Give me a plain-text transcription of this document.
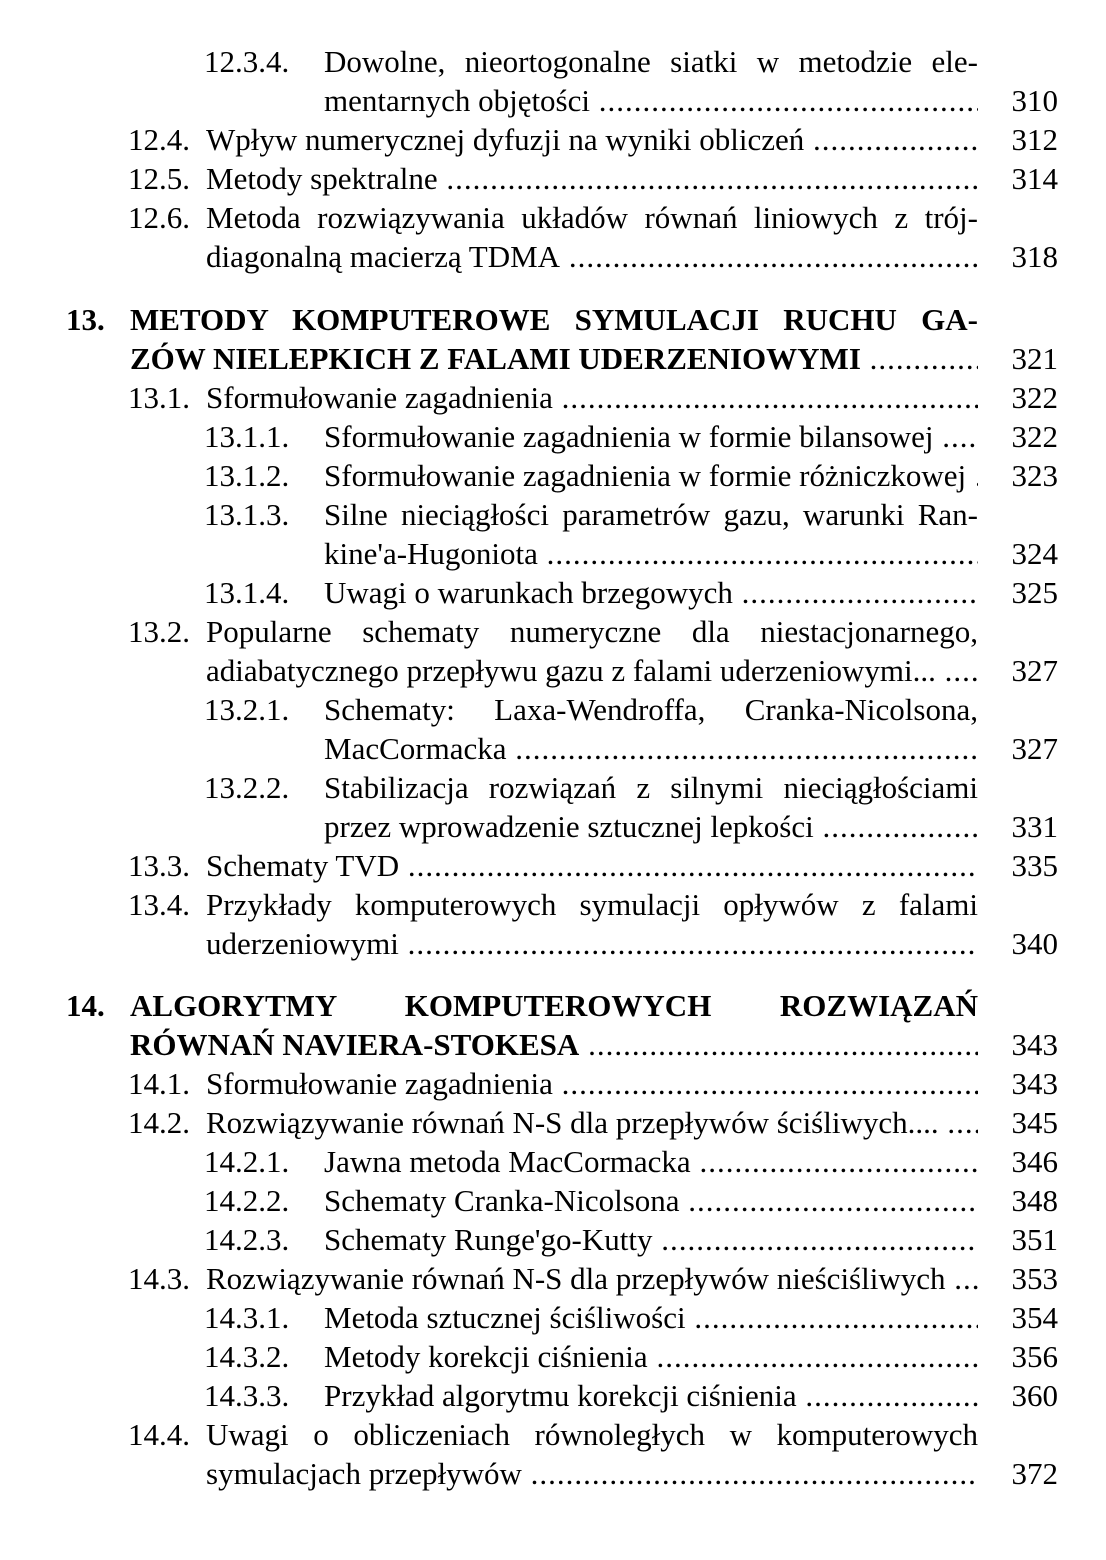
12.3.4. Dowolne, nieortogonalne siatki w metodzie ele-
mentarnych objętości .....	310
12.4. Wpływ numerycznej dyfuzji na wyniki obliczeń .....	312
12.5. Metody spektralne .....	314
12.6. Metoda rozwiązywania układów równań liniowych z trój-
diagonalną macierzą TDMA .....	318
13. METODY KOMPUTEROWE SYMULACJI RUCHU GA-
ZÓW NIELEPKICH Z FALAMI UDERZENIOWYMI .....	321
13.1. Sformułowanie zagadnienia .....	322
13.1.1. Sformułowanie zagadnienia w formie bilansowej .....	322
13.1.2. Sformułowanie zagadnienia w formie różniczkowej .....	323
13.1.3. Silne nieciągłości parametrów gazu, warunki Ran-
kine'a-Hugoniota .....	324
13.1.4. Uwagi o warunkach brzegowych .....	325
13.2. Popularne schematy numeryczne dla niestacjonarnego,
adiabatycznego przepływu gazu z falami uderzeniowymi... .....	327
13.2.1. Schematy: Laxa-Wendroffa, Cranka-Nicolsona,
MacCormacka .....	327
13.2.2. Stabilizacja rozwiązań z silnymi nieciągłościami
przez wprowadzenie sztucznej lepkości .....	331
13.3. Schematy TVD .....	335
13.4. Przykłady komputerowych symulacji opływów z falami
uderzeniowymi .....	340
14. ALGORYTMY KOMPUTEROWYCH ROZWIĄZAŃ
RÓWNAŃ NAVIERA-STOKESA .....	343
14.1. Sformułowanie zagadnienia .....	343
14.2. Rozwiązywanie równań N-S dla przepływów ściśliwych.... .....	345
14.2.1. Jawna metoda MacCormacka .....	346
14.2.2. Schematy Cranka-Nicolsona .....	348
14.2.3. Schematy Runge'go-Kutty .....	351
14.3. Rozwiązywanie równań N-S dla przepływów nieściśliwych .....	353
14.3.1. Metoda sztucznej ściśliwości .....	354
14.3.2. Metody korekcji ciśnienia .....	356
14.3.3. Przykład algorytmu korekcji ciśnienia .....	360
14.4. Uwagi o obliczeniach równoległych w komputerowych
symulacjach przepływów .....	372
